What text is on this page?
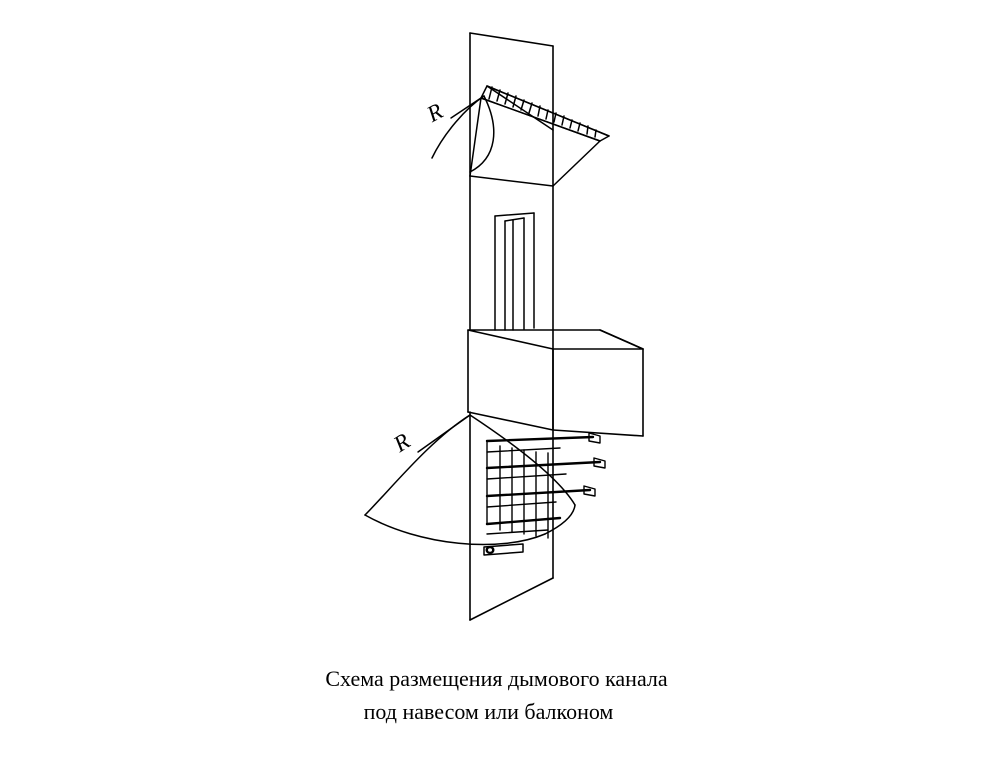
R
R
Схема размещения дымового канала
под навесом или балконом
